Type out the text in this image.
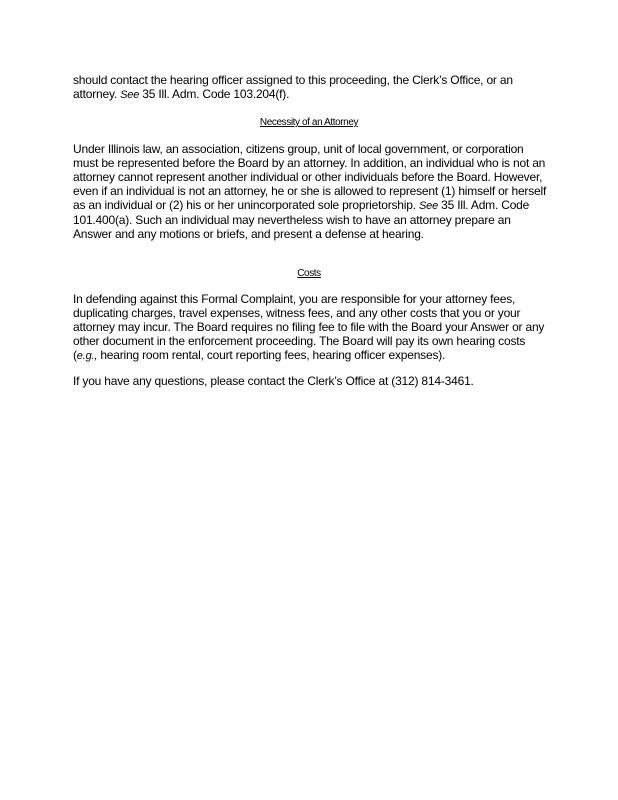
should contact the hearing officer assigned to this proceeding, the Clerk’s Office, or an attorney. See 35 Ill. Adm. Code 103.204(f).

Necessity of an Attorney

Under Illinois law, an association, citizens group, unit of local government, or corporation must be represented before the Board by an attorney. In addition, an individual who is not an attorney cannot represent another individual or other individuals before the Board. However, even if an individual is not an attorney, he or she is allowed to represent (1) himself or herself as an individual or (2) his or her unincorporated sole proprietorship. See 35 Ill. Adm. Code 101.400(a). Such an individual may nevertheless wish to have an attorney prepare an Answer and any motions or briefs, and present a defense at hearing.

Costs

In defending against this Formal Complaint, you are responsible for your attorney fees, duplicating charges, travel expenses, witness fees, and any other costs that you or your attorney may incur. The Board requires no filing fee to file with the Board your Answer or any other document in the enforcement proceeding. The Board will pay its own hearing costs (e.g., hearing room rental, court reporting fees, hearing officer expenses).

If you have any questions, please contact the Clerk’s Office at (312) 814-3461.
